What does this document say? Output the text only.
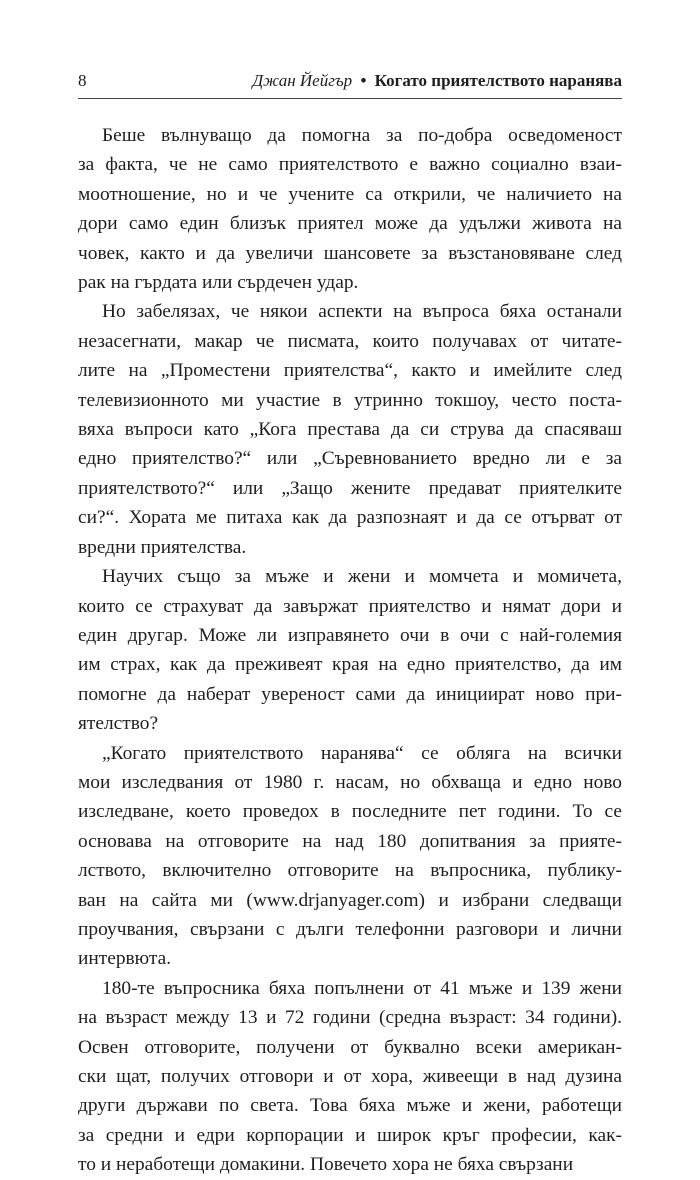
8	Джан Йейгър • Когато приятелството наранява

Беше вълнуващо да помогна за по-добра осведоменост
за факта, че не само приятелството е важно социално взаи-
моотношение, но и че учените са открили, че наличието на
дори само един близък приятел може да удължи живота на
човек, както и да увеличи шансовете за възстановяване след
рак на гърдата или сърдечен удар.

Но забелязах, че някои аспекти на въпроса бяха останали
незасегнати, макар че писмата, които получавах от читате-
лите на „Проместени приятелства“, както и имейлите след
телевизионното ми участие в утринно токшоу, често поста-
вяха въпроси като „Кога престава да си струва да спасяваш
едно приятелство?“ или „Съревнованието вредно ли е за
приятелството?“ или „Защо жените предават приятелките
си?“. Хората ме питаха как да разпознаят и да се отърват от
вредни приятелства.

Научих също за мъже и жени и момчета и момичета,
които се страхуват да завържат приятелство и нямат дори и
един другар. Може ли изправянето очи в очи с най-големия
им страх, как да преживеят края на едно приятелство, да им
помогне да наберат увереност сами да инициират ново при-
ятелство?

„Когато приятелството наранява“ се обляга на всички
мои изследвания от 1980 г. насам, но обхваща и едно ново
изследване, което проведох в последните пет години. То се
основава на отговорите на над 180 допитвания за прияте-
лството, включително отговорите на въпросника, публику-
ван на сайта ми (www.drjanyager.com) и избрани следващи
проучвания, свързани с дълги телефонни разговори и лични
интервюта.

180-те въпросника бяха попълнени от 41 мъже и 139 жени
на възраст между 13 и 72 години (средна възраст: 34 години).
Освен отговорите, получени от буквално всеки американ-
ски щат, получих отговори и от хора, живеещи в над дузина
други държави по света. Това бяха мъже и жени, работещи
за средни и едри корпорации и широк кръг професии, как-
то и неработещи домакини. Повечето хора не бяха свързани
